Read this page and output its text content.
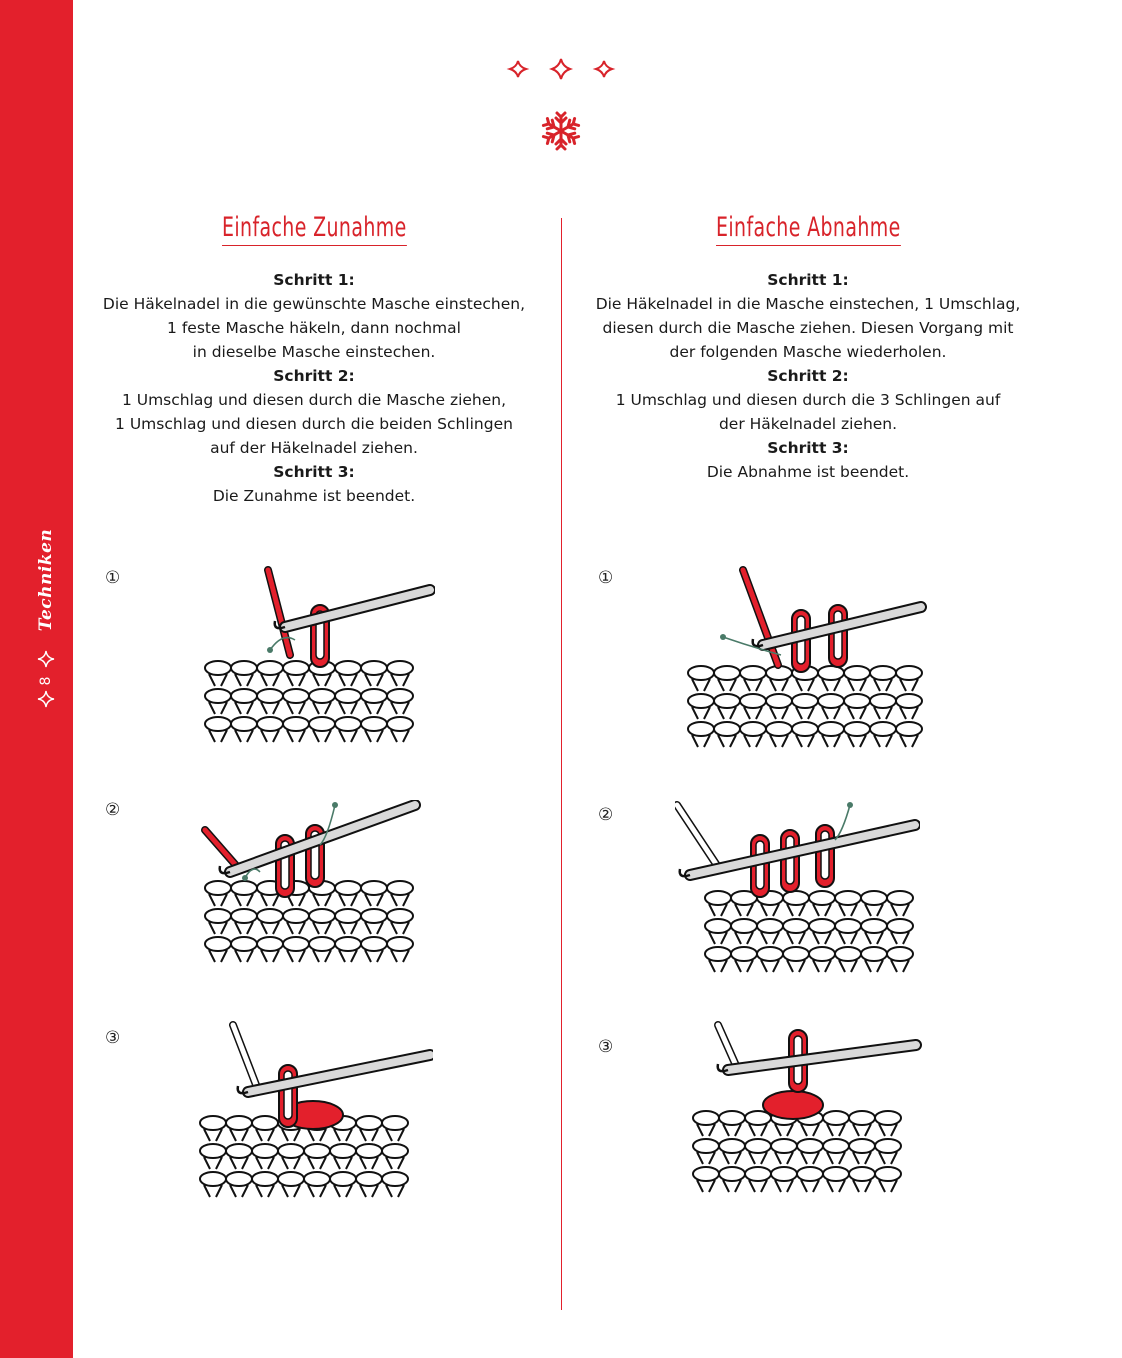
Techniken
8
Einfache Zunahme
Schritt 1:
Die Häkelnadel in die gewünschte Masche einstechen,
1 feste Masche häkeln, dann nochmal
in dieselbe Masche einstechen.
Schritt 2:
1 Umschlag und diesen durch die Masche ziehen,
1 Umschlag und diesen durch die beiden Schlingen
auf der Häkelnadel ziehen.
Schritt 3:
Die Zunahme ist beendet.
Einfache Abnahme
Schritt 1:
Die Häkelnadel in die Masche einstechen, 1 Umschlag,
diesen durch die Masche ziehen. Diesen Vorgang mit
der folgenden Masche wiederholen.
Schritt 2:
1 Umschlag und diesen durch die 3 Schlingen auf
der Häkelnadel ziehen.
Schritt 3:
Die Abnahme ist beendet.
①
②
③
①
②
③
